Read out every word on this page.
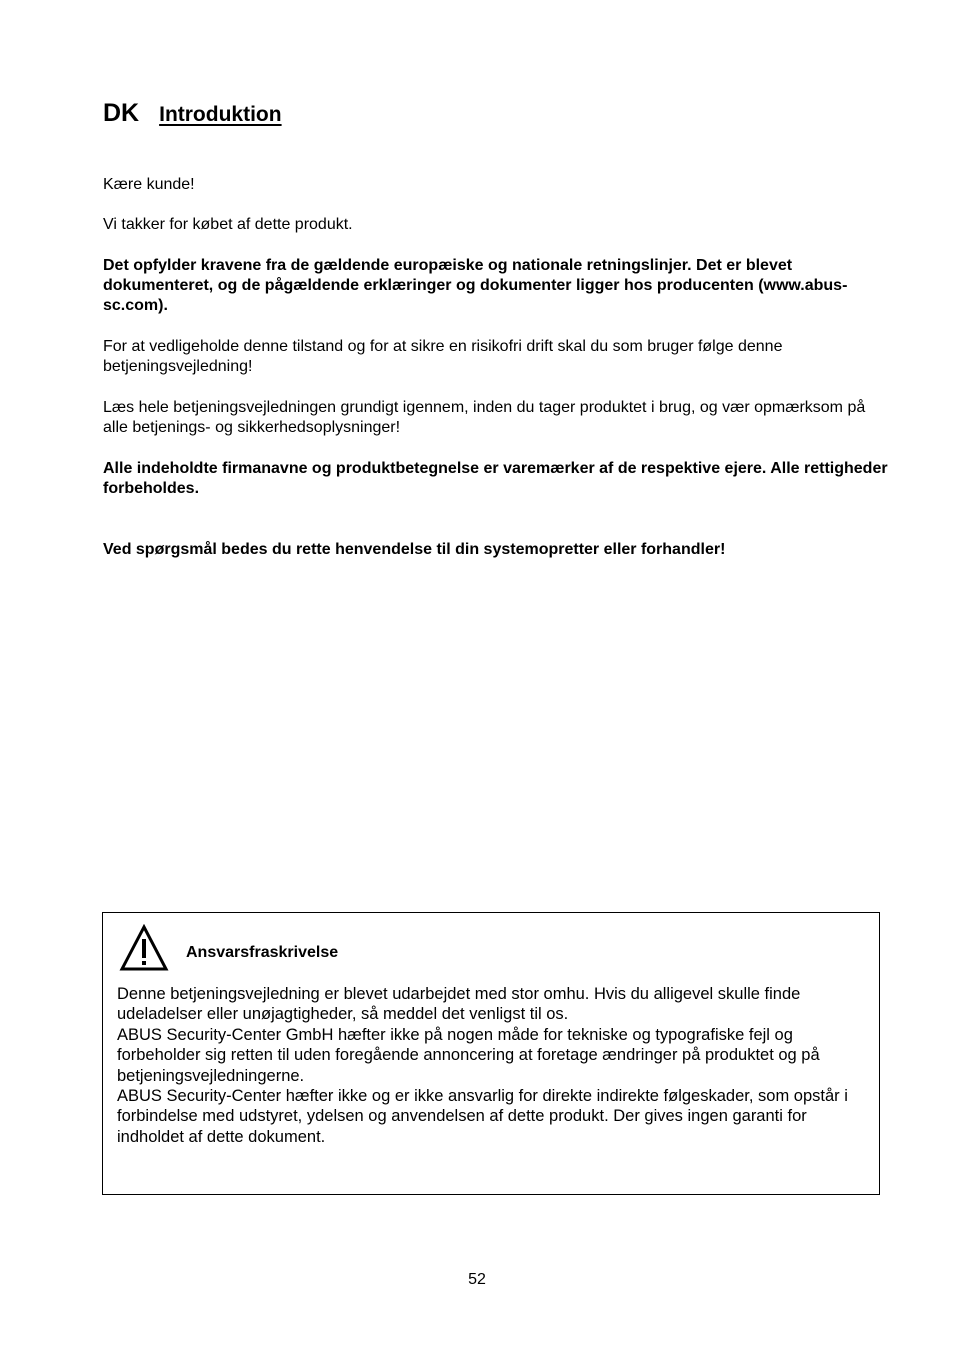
DK Introduktion

Kære kunde!

Vi takker for købet af dette produkt.

Det opfylder kravene fra de gældende europæiske og nationale retningslinjer. Det er blevet dokumenteret, og de pågældende erklæringer og dokumenter ligger hos producenten (www.abus-sc.com).

For at vedligeholde denne tilstand og for at sikre en risikofri drift skal du som bruger følge denne betjeningsvejledning!

Læs hele betjeningsvejledningen grundigt igennem, inden du tager produktet i brug, og vær opmærksom på alle betjenings- og sikkerhedsoplysninger!

Alle indeholdte firmanavne og produktbetegnelse er varemærker af de respektive ejere. Alle rettigheder forbeholdes.

Ved spørgsmål bedes du rette henvendelse til din systemopretter eller forhandler!

Ansvarsfraskrivelse

Denne betjeningsvejledning er blevet udarbejdet med stor omhu. Hvis du alligevel skulle finde udeladelser eller unøjagtigheder, så meddel det venligst til os.
ABUS Security-Center GmbH hæfter ikke på nogen måde for tekniske og typografiske fejl og forbeholder sig retten til uden foregående annoncering at foretage ændringer på produktet og på betjeningsvejledningerne.
ABUS Security-Center hæfter ikke og er ikke ansvarlig for direkte indirekte følgeskader, som opstår i forbindelse med udstyret, ydelsen og anvendelsen af dette produkt. Der gives ingen garanti for indholdet af dette dokument.

52
